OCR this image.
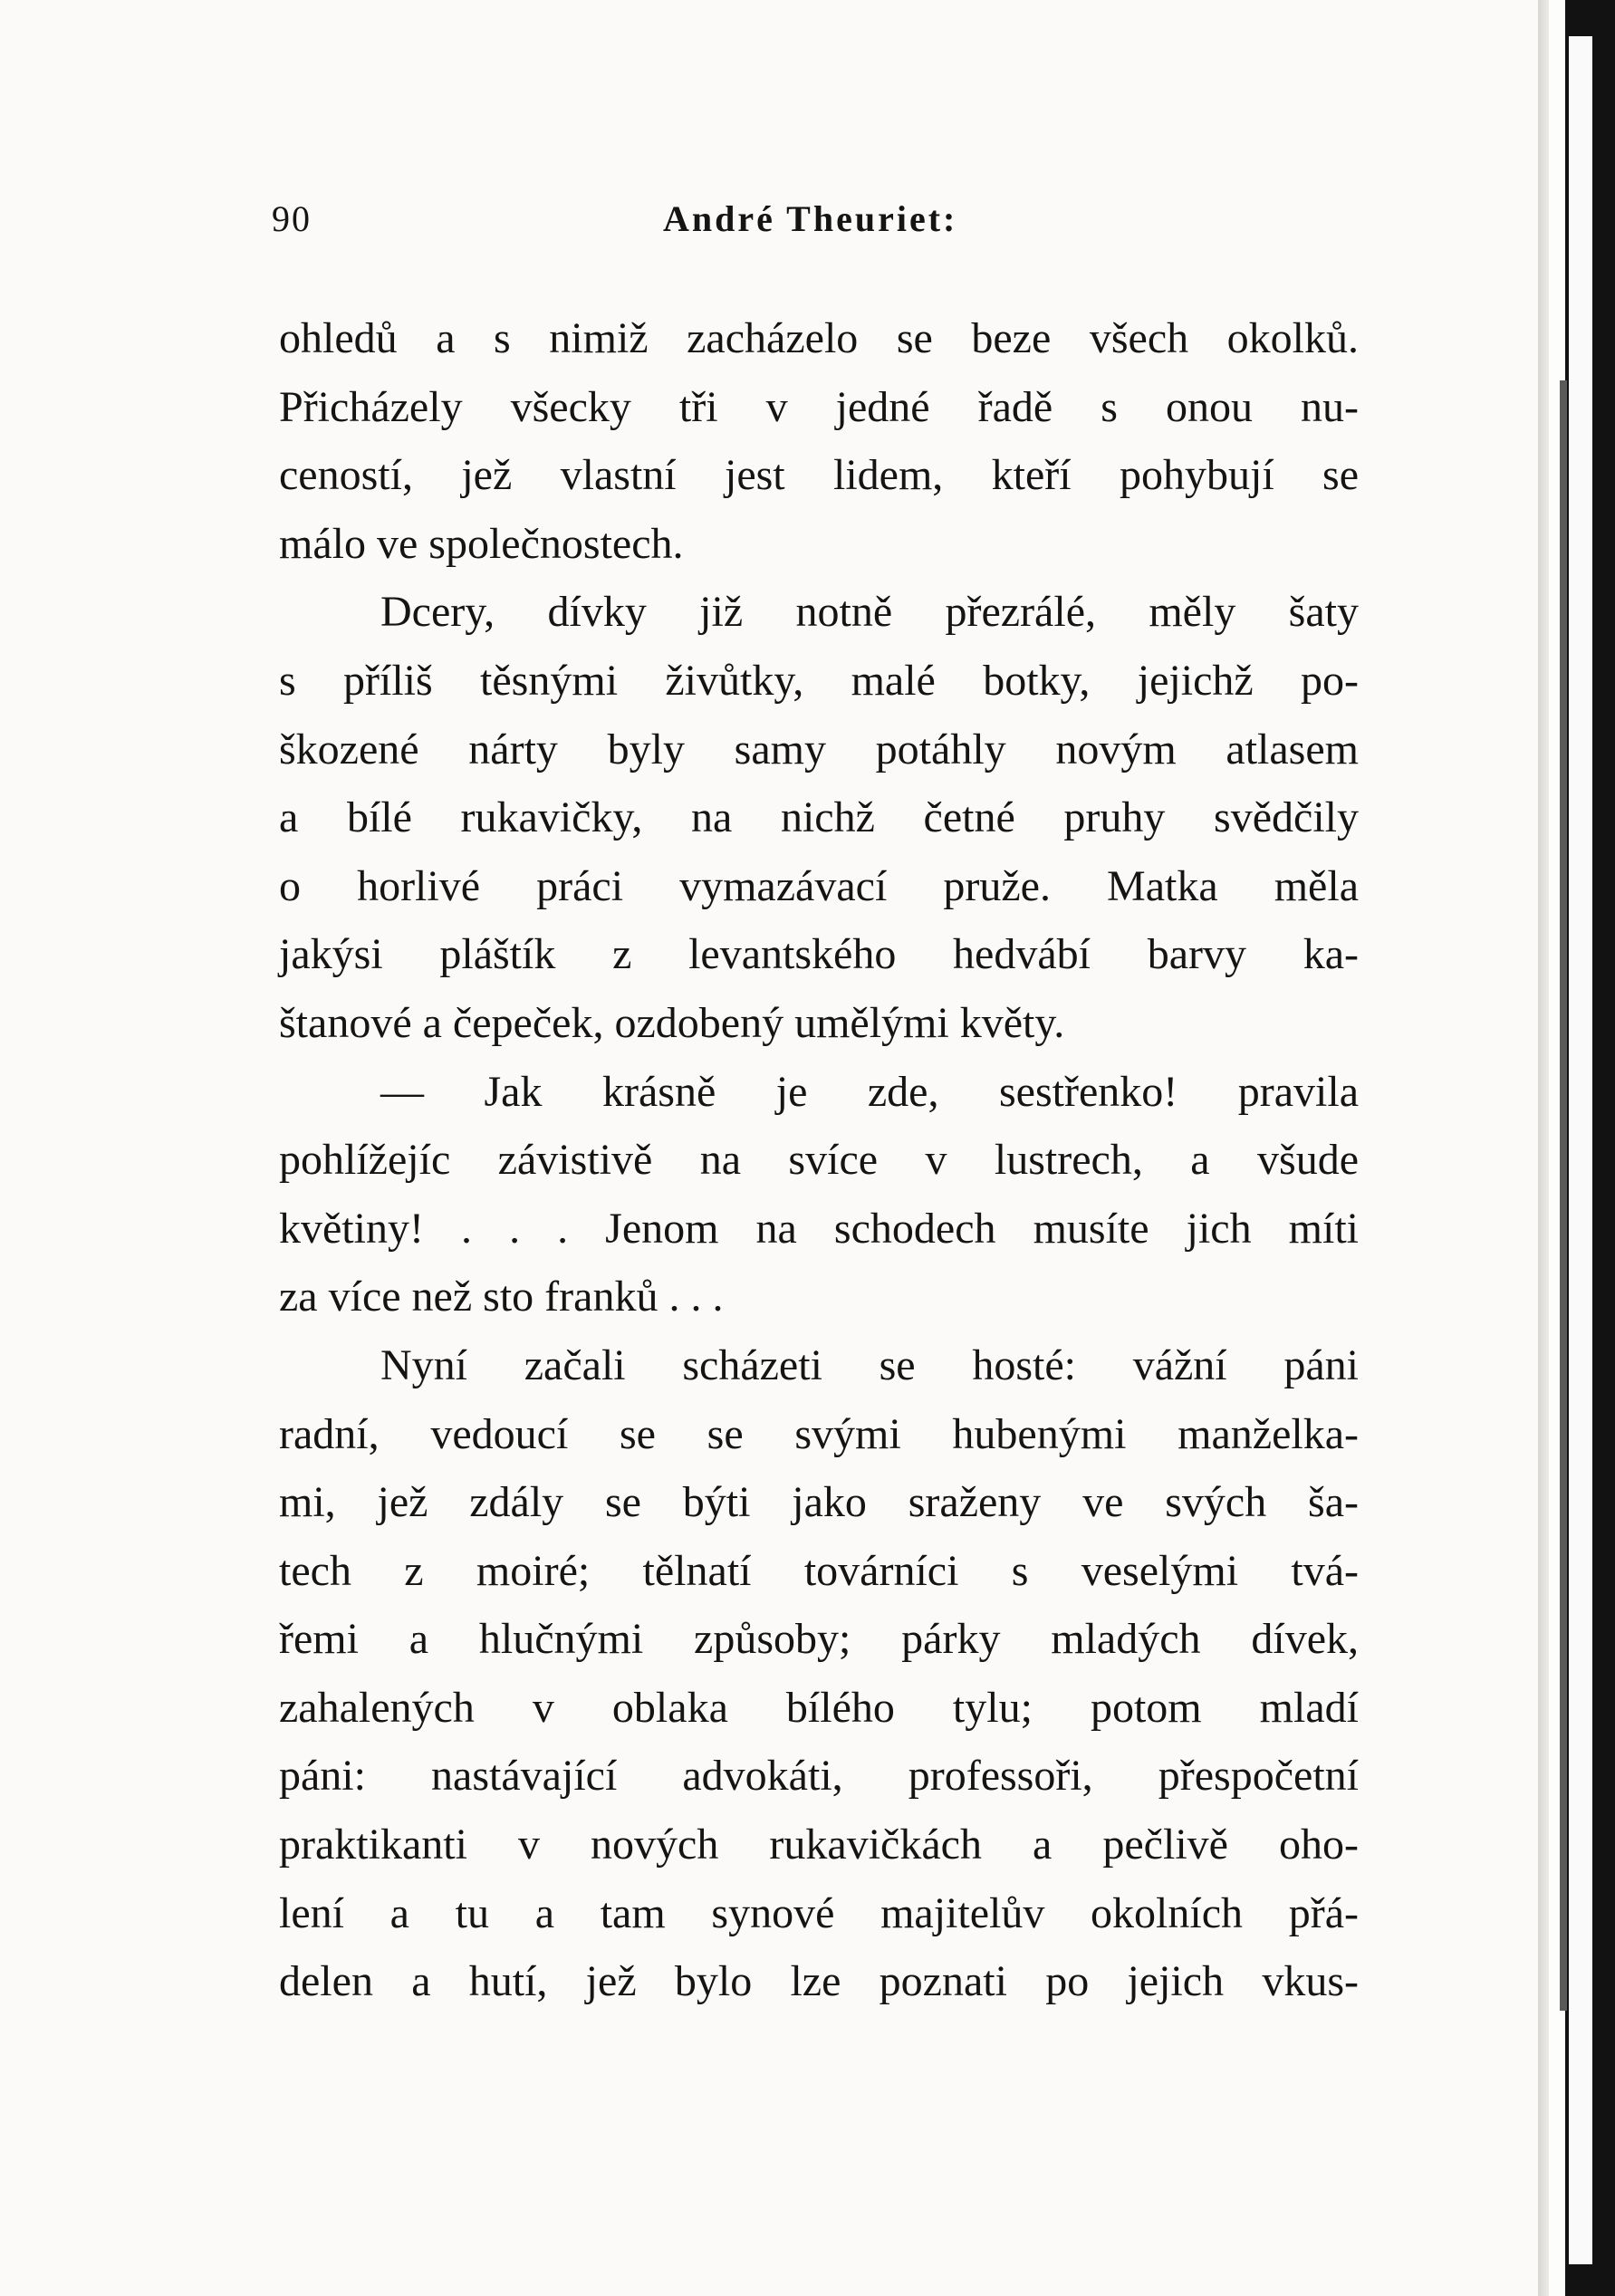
90	André Theuriet:
ohledů a s nimiž zacházelo se beze všech okolků.
Přicházely všecky tři v jedné řadě s onou nu-
ceností, jež vlastní jest lidem, kteří pohybují se
málo ve společnostech.
Dcery, dívky již notně přezrálé, měly šaty
s příliš těsnými živůtky, malé botky, jejichž po-
škozené nárty byly samy potáhly novým atlasem
a bílé rukavičky, na nichž četné pruhy svědčily
o horlivé práci vymazávací pruže. Matka měla
jakýsi pláštík z levantského hedvábí barvy ka-
štanové a čepeček, ozdobený umělými květy.
— Jak krásně je zde, sestřenko! pravila
pohlížejíc závistivě na svíce v lustrech, a všude
květiny! . . . Jenom na schodech musíte jich míti
za více než sto franků . . .
Nyní začali scházeti se hosté: vážní páni
radní, vedoucí se se svými hubenými manželka-
mi, jež zdály se býti jako sraženy ve svých ša-
tech z moiré; tělnatí továrníci s veselými tvá-
řemi a hlučnými způsoby; párky mladých dívek,
zahalených v oblaka bílého tylu; potom mladí
páni: nastávající advokáti, professoři, přespočetní
praktikanti v nových rukavičkách a pečlivě oho-
lení a tu a tam synové majitelův okolních přá-
delen a hutí, jež bylo lze poznati po jejich vkus-
